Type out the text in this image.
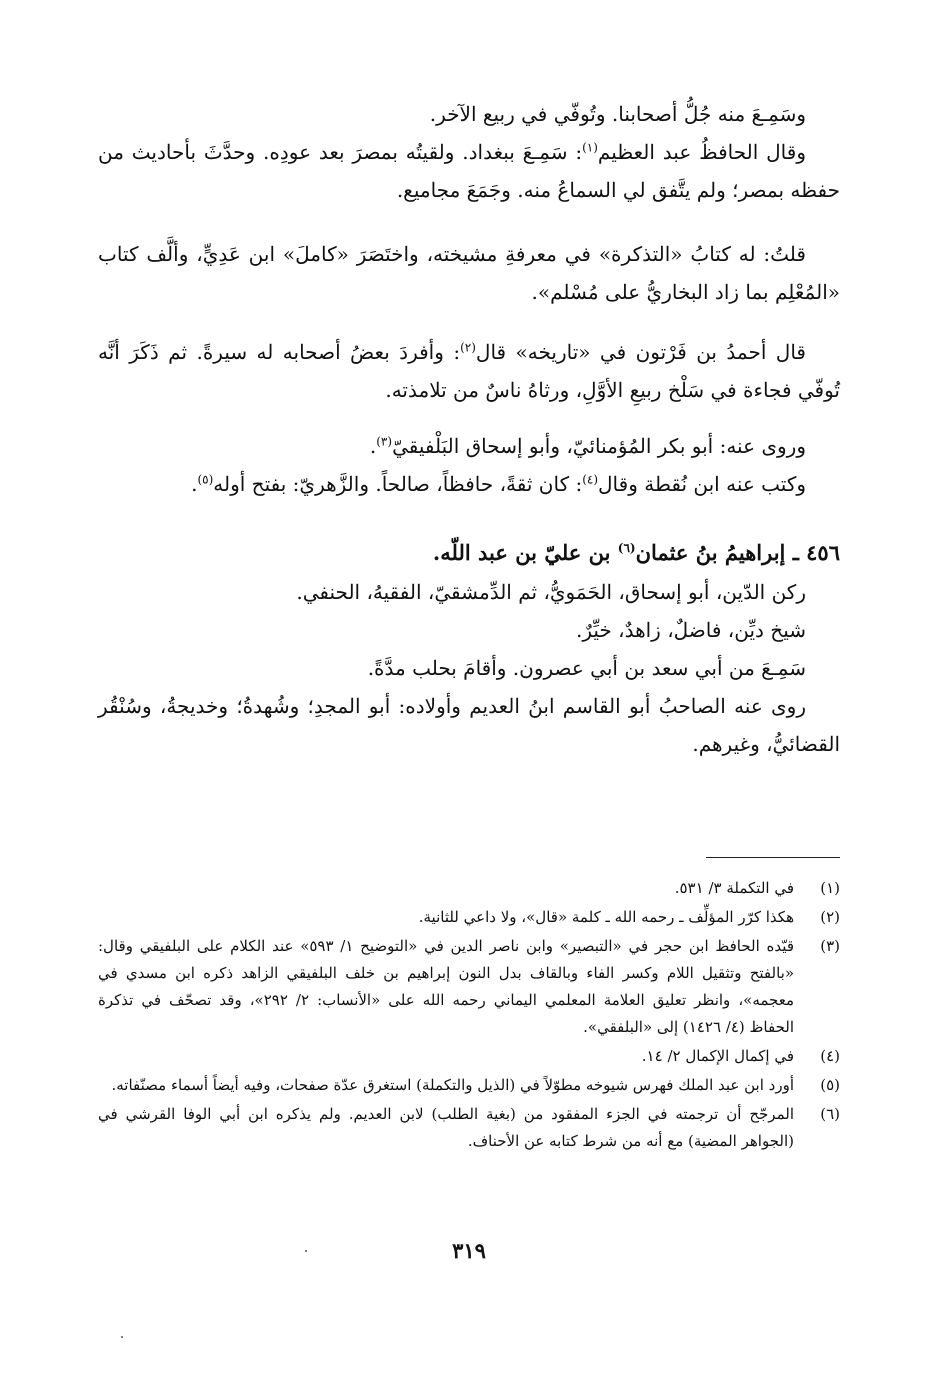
وسَمِـعَ منه جُلُّ أصحابنا. وتُوفّي في ربيع الآخر.

وقال الحافظُ عبد العظيم$^{(١)}$: سَمِـعَ ببغداد. ولقيتُه بمصرَ بعد عودِه. وحدَّثَ بأحاديث من حفظه بمصر؛ ولم يتَّفق لي السماعُ منه. وجَمَعَ مجاميع.

قلتُ: له كتابُ «التذكرة» في معرفةِ مشيخته، واختَصَرَ «كاملَ» ابن عَدِيٍّ، وألَّف كتاب «المُعْلِم بما زاد البخاريُّ على مُسْلم».

قال أحمدُ بن فَرْتون في «تاريخه» قال$^{(٢)}$: وأفردَ بعضُ أصحابه له سيرةً. ثم ذَكَرَ أنَّه تُوفّي فجاءة في سَلْخ ربيعِ الأوَّلِ، ورثاهُ ناسٌ من تلامذته.

وروى عنه: أبو بكر المُؤمنائيّ، وأبو إسحاق البَلْفيقيّ$^{(٣)}$.

وكتب عنه ابن نُقطة وقال$^{(٤)}$: كان ثقةً، حافظاً، صالحاً. والزَّهريّ: بفتح أوله$^{(٥)}$.

٤٥٦ ـ إبراهيمُ بنُ عثمان$^{(٦)}$ بن عليّ بن عبد اللّه.

ركن الدّين، أبو إسحاق، الحَمَويُّ، ثم الدِّمشقيّ، الفقيهُ، الحنفي.

شيخ ديِّن، فاضلٌ، زاهدٌ، خيِّرٌ.

سَمِـعَ من أبي سعد بن أبي عصرون. وأقامَ بحلب مدَّةً.

روى عنه الصاحبُ أبو القاسم ابنُ العديم وأولاده: أبو المجدِ؛ وشُهدةُ؛ وخديجةُ، وسُنْقُر القضائيُّ، وغيرهم.

(١)
في التكملة ٣/ ٥٣١.
(٢)
هكذا كرّر المؤلِّف ـ رحمه الله ـ كلمة «قال»، ولا داعي للثانية.
(٣)
قيّده الحافظ ابن حجر في «التبصير» وابن ناصر الدين في «التوضيح ١/ ٥٩٣» عند الكلام على البلفيقي وقال: «بالفتح وتثقيل اللام وكسر الفاء وبالقاف بدل النون إبراهيم بن خلف البلفيقي الزاهد ذكره ابن مسدي في معجمه»، وانظر تعليق العلامة المعلمي اليماني رحمه الله على «الأنساب: ٢/ ٢٩٢»، وقد تصحّف في تذكرة الحفاظ (٤/ ١٤٢٦) إلى «البلفقي».
(٤)
في إكمال الإكمال ٢/ ١٤.
(٥)
أورد ابن عبد الملك فهرس شيوخه مطوّلاً في (الذيل والتكملة) استغرق عدّة صفحات، وفيه أيضاً أسماء مصنّفاته.
(٦)
المرجّح أن ترجمته في الجزء المفقود من (بغية الطلب) لابن العديم. ولم يذكره ابن أبي الوفا القرشي في (الجواهر المضية) مع أنه من شرط كتابه عن الأحناف.
٣١٩
